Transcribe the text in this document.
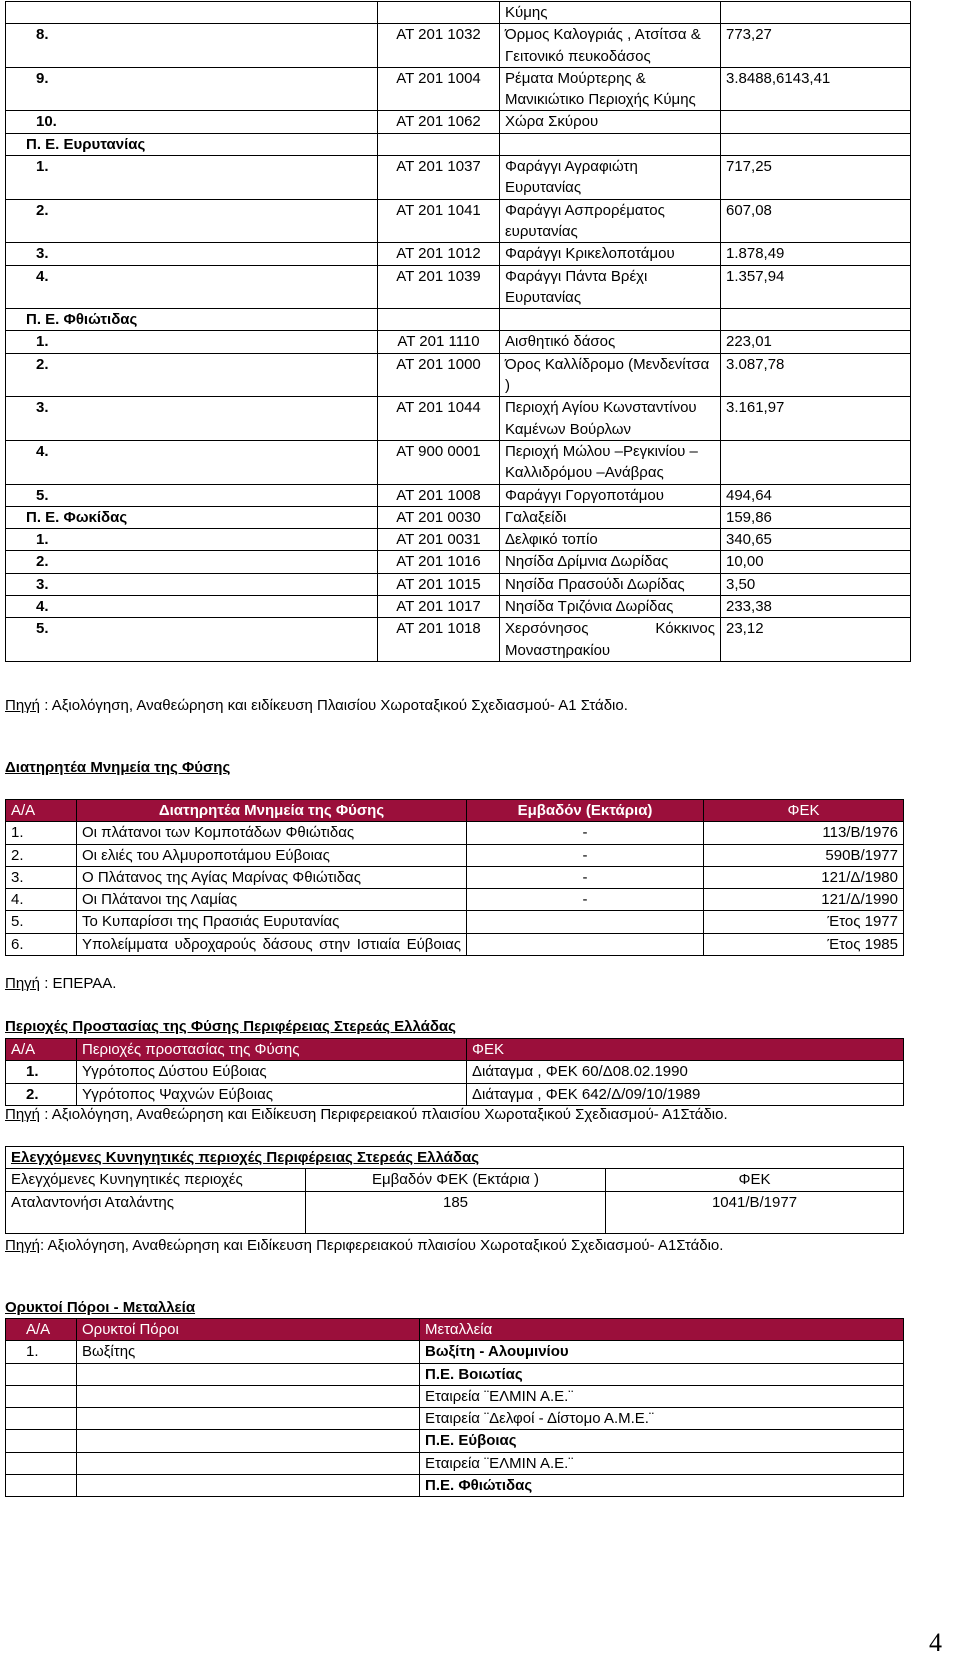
		Κύμης	
8.	ΑΤ 201 1032	Όρμος Καλογριάς , Ατσίτσα & Γειτονικό πευκοδάσος	773,27
9.	ΑΤ 201 1004	Ρέματα Μούρτερης & Μανικιώτικο Περιοχής Κύμης	3.8488,6143,41
10.	ΑΤ 201 1062	Χώρα Σκύρου	
Π. Ε. Ευρυτανίας			
1.	ΑΤ 201 1037	Φαράγγι Αγραφιώτη Ευρυτανίας	717,25
2.	ΑΤ 201 1041	Φαράγγι Ασπρορέματος ευρυτανίας	607,08
3.	ΑΤ 201 1012	Φαράγγι Κρικελοποτάμου	1.878,49
4.	ΑΤ 201 1039	Φαράγγι Πάντα Βρέχι Ευρυτανίας	1.357,94
Π. Ε. Φθιώτιδας			
1.	ΑΤ 201 1110	Αισθητικό δάσος	223,01
2.	ΑΤ 201 1000	Όρος Καλλίδρομο (Μενδενίτσα )	3.087,78
3.	ΑΤ 201 1044	Περιοχή Αγίου Κωνσταντίνου Καμένων Βούρλων	3.161,97
4.	ΑΤ 900 0001	Περιοχή Μώλου –Ρεγκινίου –Καλλιδρόμου –Ανάβρας	
5.	ΑΤ 201 1008	Φαράγγι Γοργοποτάμου	494,64
Π. Ε. Φωκίδας	ΑΤ 201 0030	Γαλαξείδι	159,86
1.	ΑΤ 201 0031	Δελφικό τοπίο	340,65
2.	ΑΤ 201 1016	Νησίδα Δρίμνια Δωρίδας	10,00
3.	ΑΤ 201 1015	Νησίδα Πρασούδι Δωρίδας	3,50
4.	ΑΤ 201 1017	Νησίδα Τριζόνια Δωρίδας	233,38
5.	ΑΤ 201 1018	Χερσόνησος Κόκκινος Μοναστηρακίου	23,12
Πηγή : Αξιολόγηση, Αναθεώρηση και ειδίκευση Πλαισίου Χωροταξικού Σχεδιασμού- Α1 Στάδιο.
Διατηρητέα Μνημεία της Φύσης
Α/Α	Διατηρητέα Μνημεία της Φύσης	Εμβαδόν (Εκτάρια)	ΦΕΚ
1.	Οι πλάτανοι των Κομποτάδων Φθιώτιδας	-	113/Β/1976
2.	Οι ελιές του Αλμυροποτάμου Εύβοιας	-	590Β/1977
3.	Ο Πλάτανος της Αγίας Μαρίνας Φθιώτιδας	-	121/Δ/1980
4.	Οι Πλάτανοι της Λαμίας	-	121/Δ/1990
5.	Το Κυπαρίσσι της Πρασιάς Ευρυτανίας		Έτος 1977
6.	Υπολείμματα υδροχαρούς δάσους στην Ιστιαία Εύβοιας		Έτος 1985
Πηγή : ΕΠΕΡΑΑ.
Περιοχές Προστασίας της Φύσης Περιφέρειας Στερεάς Ελλάδας
Α/Α	Περιοχές προστασίας της Φύσης	ΦΕΚ
1.	Υγρότοπος Δύστου Εύβοιας	Διάταγμα , ΦΕΚ 60/Δ08.02.1990
2.	Υγρότοπος Ψαχνών Εύβοιας	Διάταγμα , ΦΕΚ 642/Δ/09/10/1989
Πηγή : Αξιολόγηση, Αναθεώρηση και Ειδίκευση Περιφερειακού πλαισίου Χωροταξικού Σχεδιασμού- Α1Στάδιο.
Ελεγχόμενες Κυνηγητικές περιοχές Περιφέρειας Στερεάς Ελλάδας		
Ελεγχόμενες Κυνηγητικές περιοχές	Εμβαδόν ΦΕΚ (Εκτάρια )	ΦΕΚ
Αταλαντονήσι Αταλάντης	185	1041/Β/1977
Πηγή: Αξιολόγηση, Αναθεώρηση και Ειδίκευση Περιφερειακού πλαισίου Χωροταξικού Σχεδιασμού- Α1Στάδιο.
Ορυκτοί Πόροι - Μεταλλεία
Α/Α	Ορυκτοί Πόροι	Μεταλλεία
1.	Βωξίτης	Βωξίτη - Αλουμινίου
		Π.Ε. Βοιωτίας
		Εταιρεία ¨ΕΛΜΙΝ Α.Ε.¨
		Εταιρεία ¨Δελφοί - Δίστομο Α.Μ.Ε.¨
		Π.Ε. Εύβοιας
		Εταιρεία ¨ΕΛΜΙΝ Α.Ε.¨
		Π.Ε. Φθιώτιδας
4
